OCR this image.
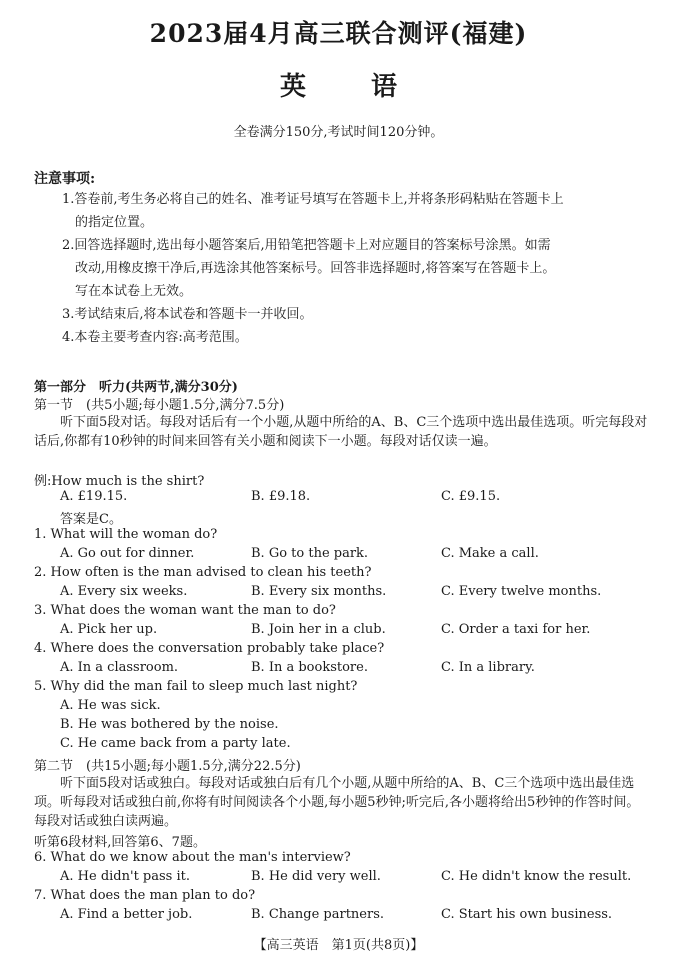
2023届4月高三联合测评(福建)
英 语
全卷满分150分,考试时间120分钟。
注意事项:
1.答卷前,考生务必将自己的姓名、准考证号填写在答题卡上,并将条形码粘贴在答题卡上
的指定位置。
2.回答选择题时,选出每小题答案后,用铅笔把答题卡上对应题目的答案标号涂黑。如需
改动,用橡皮擦干净后,再选涂其他答案标号。回答非选择题时,将答案写在答题卡上。
写在本试卷上无效。
3.考试结束后,将本试卷和答题卡一并收回。
4.本卷主要考查内容:高考范围。
第一部分　听力(共两节,满分30分)
第一节　(共5小题;每小题1.5分,满分7.5分)
听下面5段对话。每段对话后有一个小题,从题中所给的A、B、C三个选项中选出最佳选项。听完每段对话后,你都有10秒钟的时间来回答有关小题和阅读下一小题。每段对话仅读一遍。
例:How much is the shirt?
A. £19.15.	B. £9.18.	C. £9.15.
答案是C。
1. What will the woman do?
A. Go out for dinner.	B. Go to the park.	C. Make a call.
2. How often is the man advised to clean his teeth?
A. Every six weeks.	B. Every six months.	C. Every twelve months.
3. What does the woman want the man to do?
A. Pick her up.	B. Join her in a club.	C. Order a taxi for her.
4. Where does the conversation probably take place?
A. In a classroom.	B. In a bookstore.	C. In a library.
5. Why did the man fail to sleep much last night?
A. He was sick.
B. He was bothered by the noise.
C. He came back from a party late.
第二节　(共15小题;每小题1.5分,满分22.5分)
听下面5段对话或独白。每段对话或独白后有几个小题,从题中所给的A、B、C三个选项中选出最佳选项。听每段对话或独白前,你将有时间阅读各个小题,每小题5秒钟;听完后,各小题将给出5秒钟的作答时间。每段对话或独白读两遍。
听第6段材料,回答第6、7题。
6. What do we know about the man's interview?
A. He didn't pass it.	B. He did very well.	C. He didn't know the result.
7. What does the man plan to do?
A. Find a better job.	B. Change partners.	C. Start his own business.
【高三英语　第1页(共8页)】
